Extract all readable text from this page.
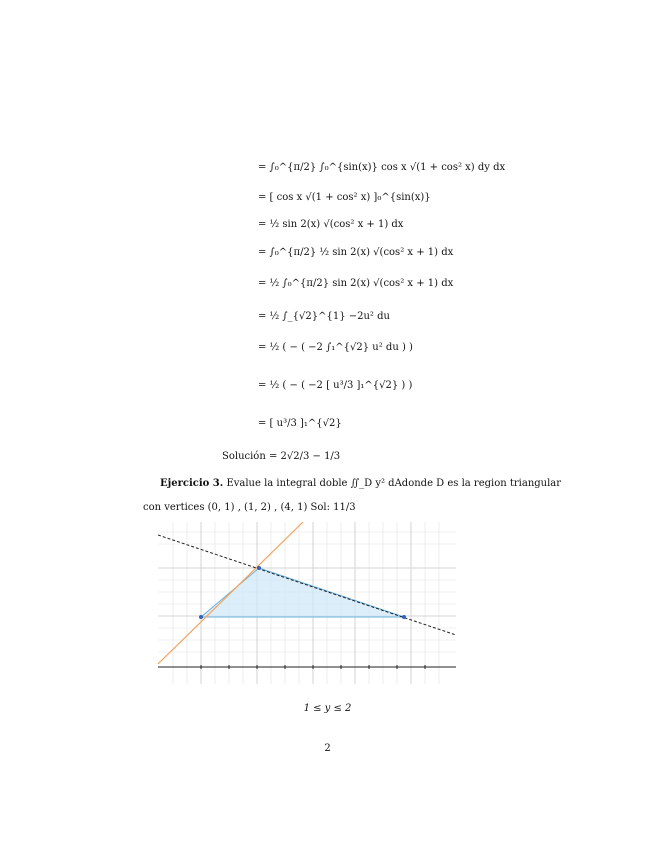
= ∫₀^{π/2} ∫₀^{sin(x)} cos x √(1 + cos² x) dy dx
= [ cos x √(1 + cos² x) ]₀^{sin(x)}
= ½ sin 2(x) √(cos² x + 1) dx
= ∫₀^{π/2} ½ sin 2(x) √(cos² x + 1) dx
= ½ ∫₀^{π/2} sin 2(x) √(cos² x + 1) dx
= ½ ∫_{√2}^{1} −2u² du
= ½ ( − ( −2 ∫₁^{√2} u² du ) )
= ½ ( − ( −2 [ u³/3 ]₁^{√2} ) )
= [ u³/3 ]₁^{√2}
Solución = 2√2/3 − 1/3
Ejercicio 3. Evalue la integral doble ∬_D y² dAdonde D es la region triangular
con vertices (0, 1) , (1, 2) , (4, 1) Sol: 11/3
1 ≤ y ≤ 2
2
